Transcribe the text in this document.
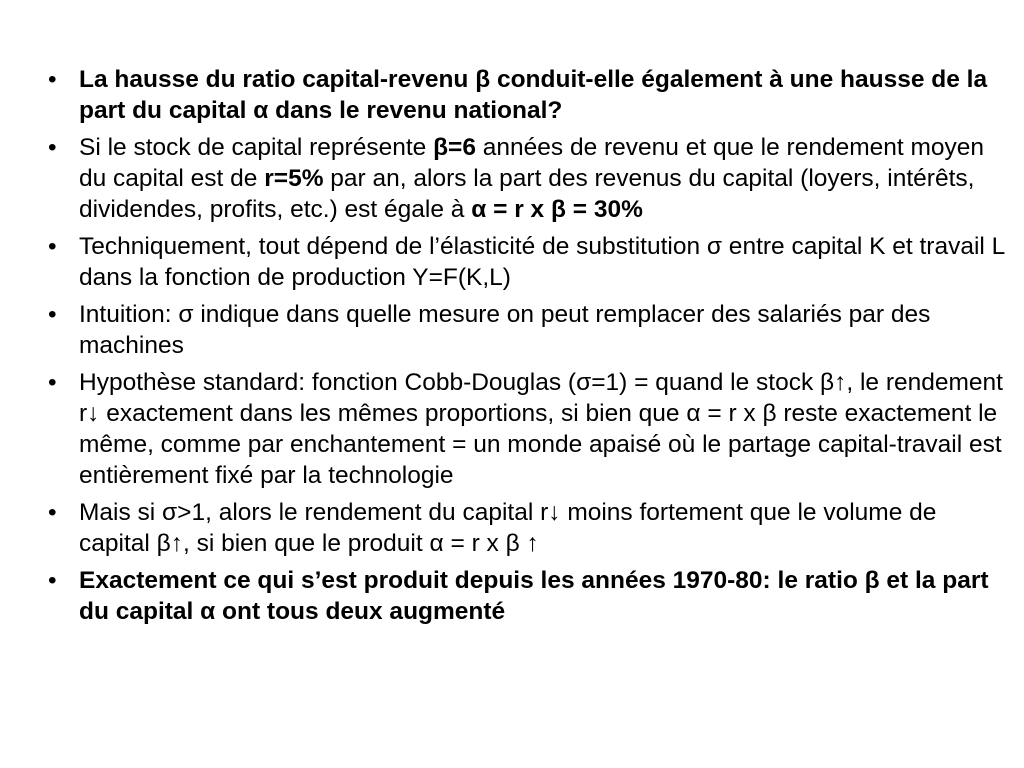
• La hausse du ratio capital-revenu β conduit-elle également à une hausse de la part du capital α dans le revenu national?
• Si le stock de capital représente β=6 années de revenu et que le rendement moyen du capital est de r=5% par an, alors la part des revenus du capital (loyers, intérêts, dividendes, profits, etc.) est égale à α = r x β = 30%
• Techniquement, tout dépend de l’élasticité de substitution σ entre capital K et travail L dans la fonction de production Y=F(K,L)
• Intuition: σ indique dans quelle mesure on peut remplacer des salariés par des machines
• Hypothèse standard: fonction Cobb-Douglas (σ=1) = quand le stock β↑, le rendement r↓ exactement dans les mêmes proportions, si bien que α = r x β reste exactement le même, comme par enchantement = un monde apaisé où le partage capital-travail est entièrement fixé par la technologie
• Mais si σ>1, alors le rendement du capital r↓ moins fortement que le volume de capital β↑, si bien que le produit α = r x β ↑
• Exactement ce qui s’est produit depuis les années 1970-80: le ratio β et la part du capital α ont tous deux augmenté
